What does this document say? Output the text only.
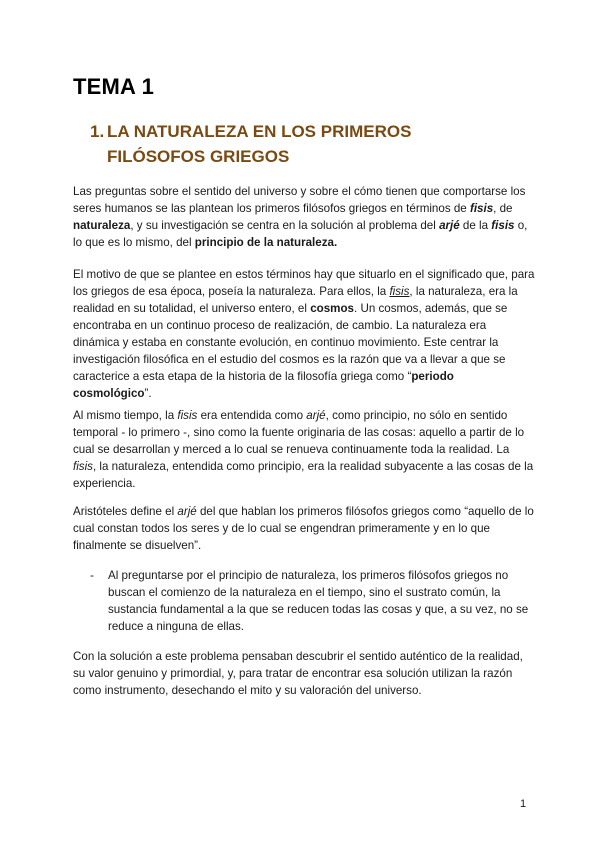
TEMA 1
1. LA NATURALEZA EN LOS PRIMEROS
FILÓSOFOS GRIEGOS

Las preguntas sobre el sentido del universo y sobre el cómo tienen que comportarse los seres humanos se las plantean los primeros filósofos griegos en términos de fisis, de naturaleza, y su investigación se centra en la solución al problema del arjé de la fisis o, lo que es lo mismo, del principio de la naturaleza.

El motivo de que se plantee en estos términos hay que situarlo en el significado que, para los griegos de esa época, poseía la naturaleza. Para ellos, la fisis, la naturaleza, era la realidad en su totalidad, el universo entero, el cosmos. Un cosmos, además, que se encontraba en un continuo proceso de realización, de cambio. La naturaleza era dinámica y estaba en constante evolución, en continuo movimiento. Este centrar la investigación filosófica en el estudio del cosmos es la razón que va a llevar a que se caracterice a esta etapa de la historia de la filosofía griega como “periodo cosmológico”.

Al mismo tiempo, la fisis era entendida como arjé, como principio, no sólo en sentido temporal - lo primero -, sino como la fuente originaria de las cosas: aquello a partir de lo cual se desarrollan y merced a lo cual se renueva continuamente toda la realidad. La fisis, la naturaleza, entendida como principio, era la realidad subyacente a las cosas de la experiencia.

Aristóteles define el arjé del que hablan los primeros filósofos griegos como “aquello de lo cual constan todos los seres y de lo cual se engendran primeramente y en lo que finalmente se disuelven”.

- Al preguntarse por el principio de naturaleza, los primeros filósofos griegos no buscan el comienzo de la naturaleza en el tiempo, sino el sustrato común, la sustancia fundamental a la que se reducen todas las cosas y que, a su vez, no se reduce a ninguna de ellas.

Con la solución a este problema pensaban descubrir el sentido auténtico de la realidad, su valor genuino y primordial, y, para tratar de encontrar esa solución utilizan la razón como instrumento, desechando el mito y su valoración del universo.

1
